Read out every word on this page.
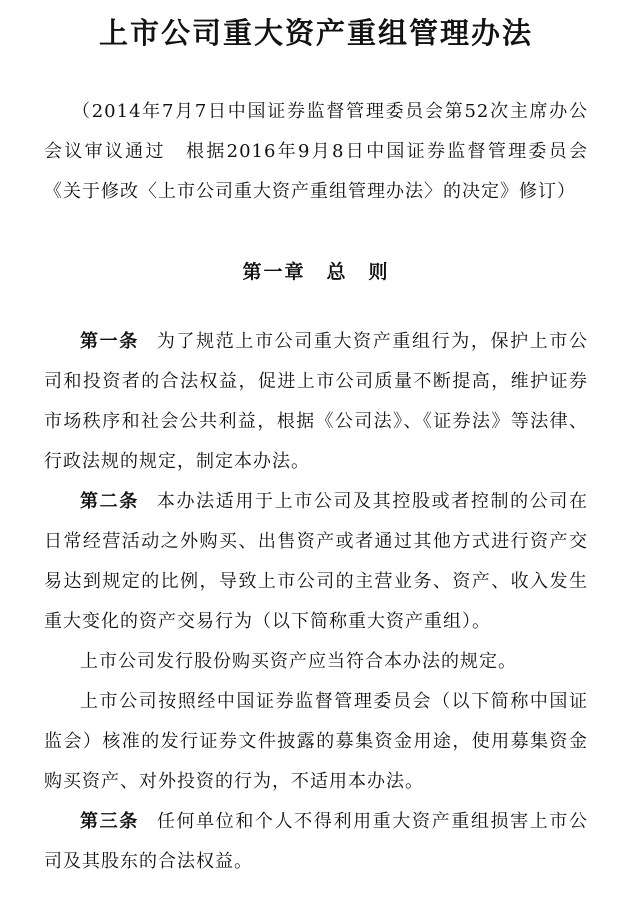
上市公司重大资产重组管理办法

（2014年7月7日中国证券监督管理委员会第52次主席办公会议审议通过　根据2016年9月8日中国证券监督管理委员会《关于修改〈上市公司重大资产重组管理办法〉的决定》修订）

第一章　总　则

第一条 为了规范上市公司重大资产重组行为，保护上市公司和投资者的合法权益，促进上市公司质量不断提高，维护证券市场秩序和社会公共利益，根据《公司法》、《证券法》等法律、行政法规的规定，制定本办法。

第二条 本办法适用于上市公司及其控股或者控制的公司在日常经营活动之外购买、出售资产或者通过其他方式进行资产交易达到规定的比例，导致上市公司的主营业务、资产、收入发生重大变化的资产交易行为（以下简称重大资产重组）。

上市公司发行股份购买资产应当符合本办法的规定。

上市公司按照经中国证券监督管理委员会（以下简称中国证监会）核准的发行证券文件披露的募集资金用途，使用募集资金购买资产、对外投资的行为，不适用本办法。

第三条 任何单位和个人不得利用重大资产重组损害上市公司及其股东的合法权益。
